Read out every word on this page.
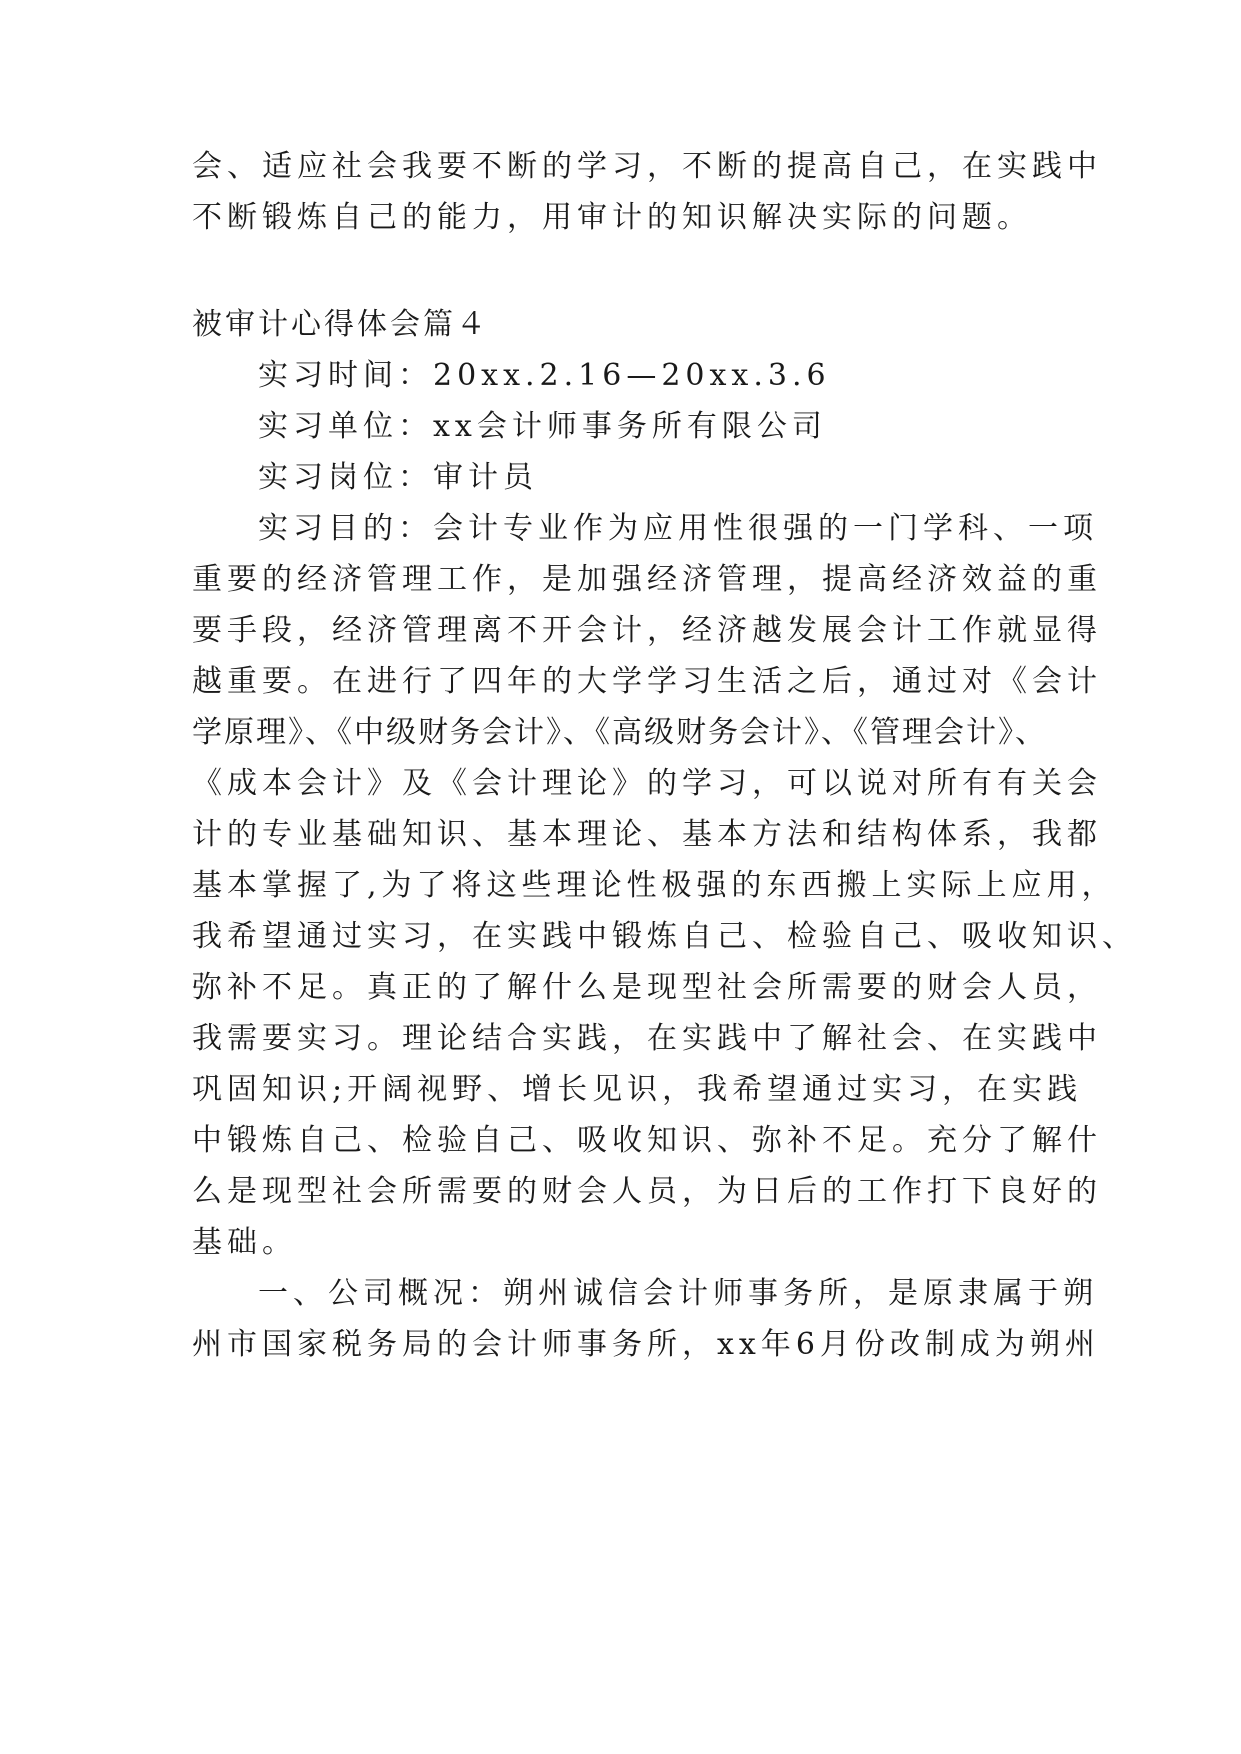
会、适应社会我要不断的学习，不断的提高自己，在实践中
不断锻炼自己的能力，用审计的知识解决实际的问题。
被审计心得体会篇４
实习时间：20xx.2.16—20xx.3.6
实习单位：xx会计师事务所有限公司
实习岗位：审计员
实习目的：会计专业作为应用性很强的一门学科、一项
重要的经济管理工作，是加强经济管理，提高经济效益的重
要手段，经济管理离不开会计，经济越发展会计工作就显得
越重要。在进行了四年的大学学习生活之后，通过对《会计
学原理》、《中级财务会计》、《高级财务会计》、《管理会计》、
《成本会计》及《会计理论》的学习，可以说对所有有关会
计的专业基础知识、基本理论、基本方法和结构体系，我都
基本掌握了,为了将这些理论性极强的东西搬上实际上应用，
我希望通过实习，在实践中锻炼自己、检验自己、吸收知识、
弥补不足。真正的了解什么是现型社会所需要的财会人员，
我需要实习。理论结合实践，在实践中了解社会、在实践中
巩固知识;开阔视野、增长见识，我希望通过实习，在实践
中锻炼自己、检验自己、吸收知识、弥补不足。充分了解什
么是现型社会所需要的财会人员，为日后的工作打下良好的
基础。
一、公司概况：朔州诚信会计师事务所，是原隶属于朔
州市国家税务局的会计师事务所，xx年6月份改制成为朔州
